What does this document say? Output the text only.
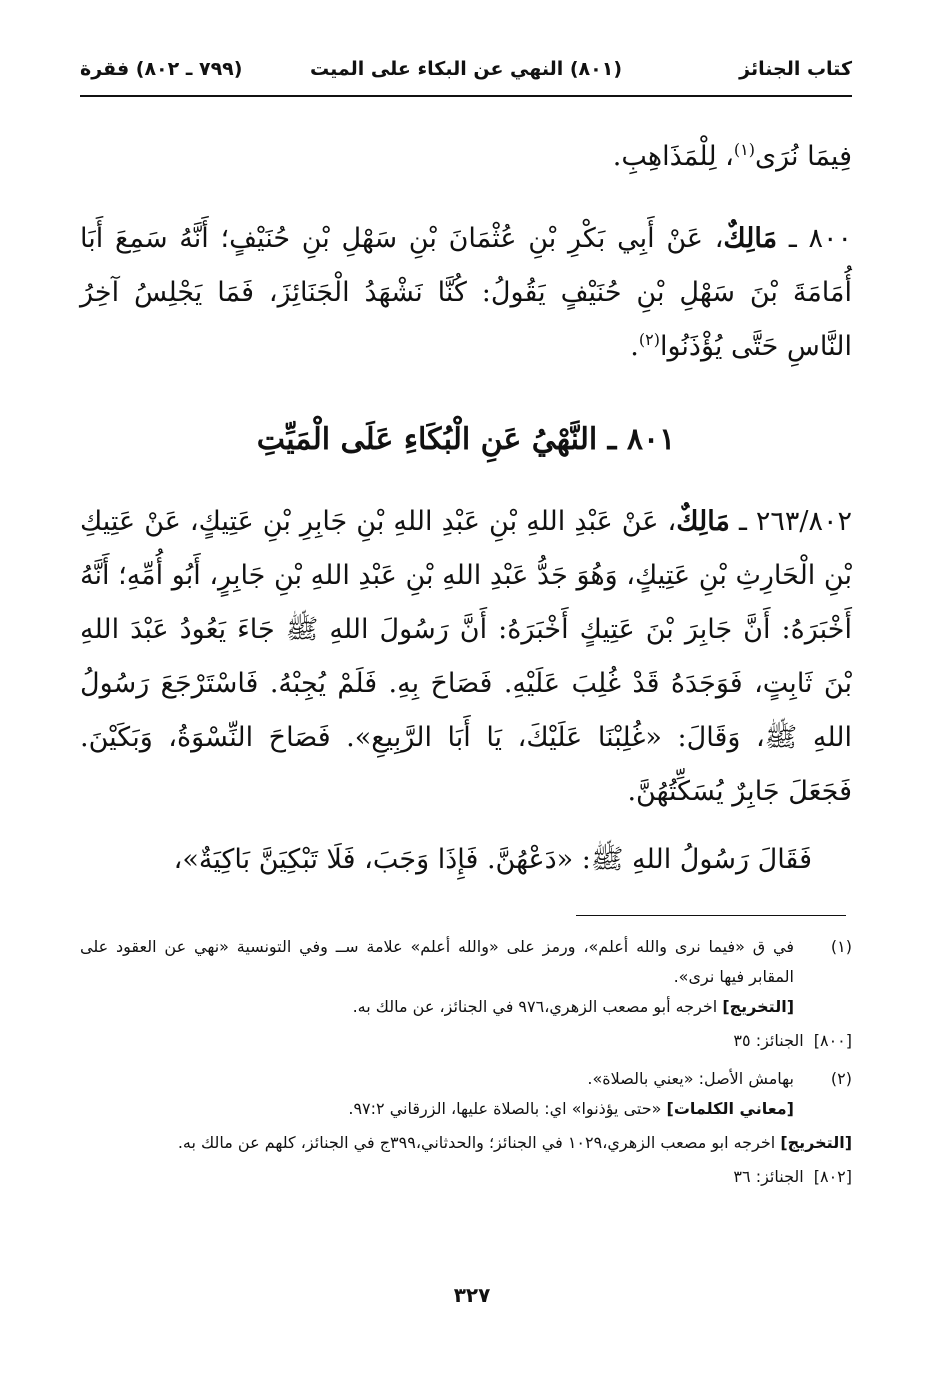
كتاب الجنائز
(٨٠١) النهي عن البكاء على الميت
(٧٩٩ ـ ٨٠٢) فقرة
فِيمَا نُرَى$^{(١)}$، لِلْمَذَاهِبِ.
٨٠٠ ـ مَالِكٌ، عَنْ أَبِي بَكْرِ بْنِ عُثْمَانَ بْنِ سَهْلِ بْنِ حُنَيْفٍ؛ أَنَّهُ سَمِعَ أَبَا أُمَامَةَ بْنَ سَهْلِ بْنِ حُنَيْفٍ يَقُولُ: كُنَّا نَشْهَدُ الْجَنَائِزَ، فَمَا يَجْلِسُ آخِرُ النَّاسِ حَتَّى يُؤْذَنُوا$^{(٢)}$.
٨٠١ ـ النَّهْيُ عَنِ الْبُكَاءِ عَلَى الْمَيِّتِ
٢٦٣/٨٠٢ ـ مَالِكٌ، عَنْ عَبْدِ اللهِ بْنِ عَبْدِ اللهِ بْنِ جَابِرِ بْنِ عَتِيكٍ، عَنْ عَتِيكِ بْنِ الْحَارِثِ بْنِ عَتِيكٍ، وَهُوَ جَدُّ عَبْدِ اللهِ بْنِ عَبْدِ اللهِ بْنِ جَابِرٍ، أَبُو أُمِّهِ؛ أَنَّهُ أَخْبَرَهُ: أَنَّ جَابِرَ بْنَ عَتِيكٍ أَخْبَرَهُ: أَنَّ رَسُولَ اللهِ ﷺ جَاءَ يَعُودُ عَبْدَ اللهِ بْنَ ثَابِتٍ، فَوَجَدَهُ قَدْ غُلِبَ عَلَيْهِ. فَصَاحَ بِهِ. فَلَمْ يُجِبْهُ. فَاسْتَرْجَعَ رَسُولُ اللهِ ﷺ، وَقَالَ: «غُلِبْنَا عَلَيْكَ، يَا أَبَا الرَّبِيعِ». فَصَاحَ النِّسْوَةُ، وَبَكَيْنَ. فَجَعَلَ جَابِرٌ يُسَكِّتُهُنَّ.
فَقَالَ رَسُولُ اللهِ ﷺ: «دَعْهُنَّ. فَإِذَا وَجَبَ، فَلَا تَبْكِيَنَّ بَاكِيَةٌ»،
(١)
في ق «فيما نرى والله أعلم»، ورمز على «والله أعلم» علامة ســ وفي التونسية «نهي عن العقود على المقابر فيها نرى».
[التخريج] اخرجه أبو مصعب الزهري،٩٧٦ في الجنائز، عن مالك به.
[٨٠٠]
الجنائز: ٣٥
(٢)
بهامش الأصل: «يعني بالصلاة».
[معاني الكلمات] «حتى يؤذنوا» اي: بالصلاة عليها، الزرقاني ٩٧:٢.
[التخريج] اخرجه ابو مصعب الزهري،١٠٢٩ في الجنائز؛ والحدثاني،٣٩٩ج في الجنائز، كلهم عن مالك به.
[٨٠٢]
الجنائز: ٣٦
٣٢٧
